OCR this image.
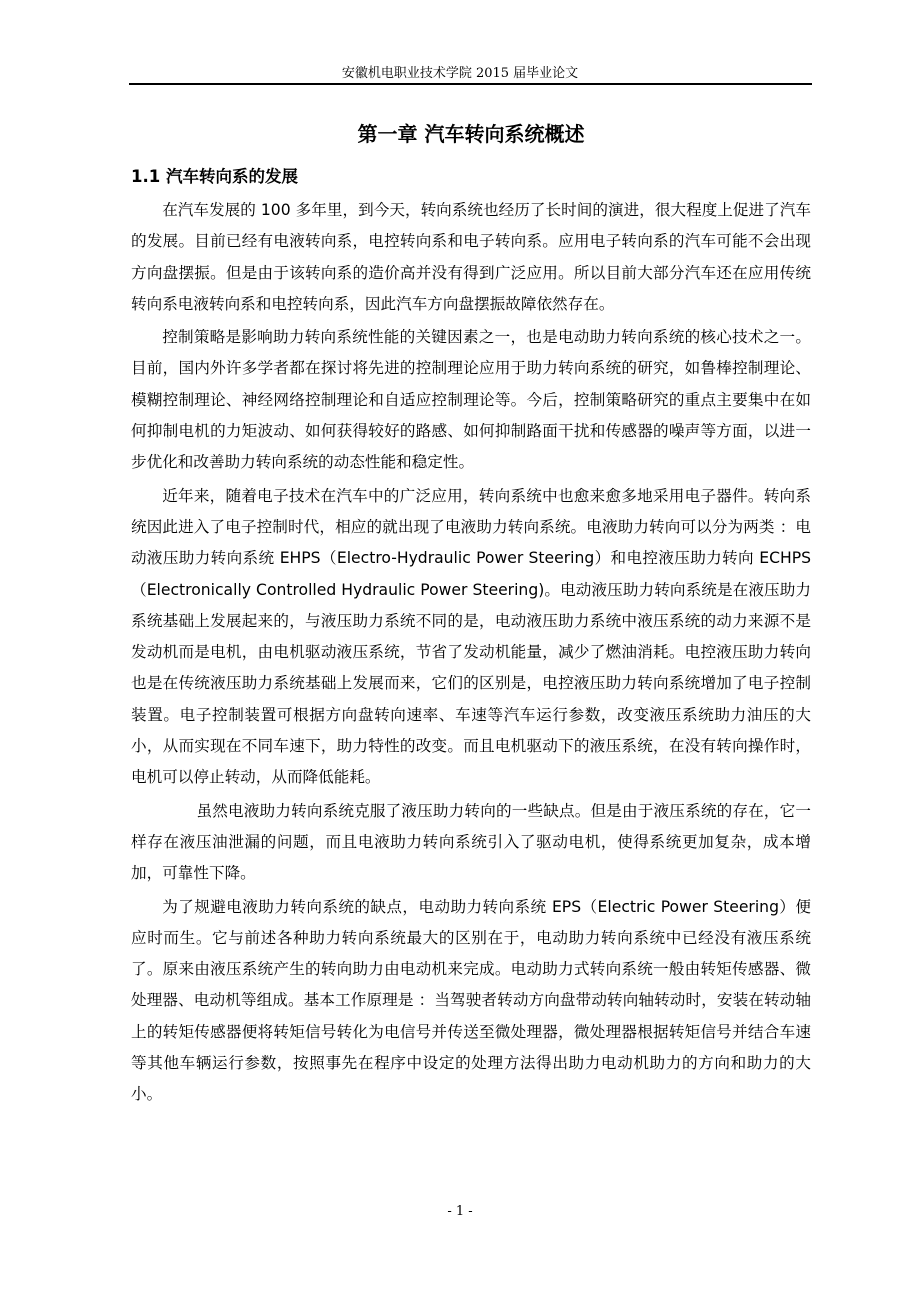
安徽机电职业技术学院 2015 届毕业论文
第一章 汽车转向系统概述
1.1 汽车转向系的发展

在汽车发展的 100 多年里，到今天，转向系统也经历了长时间的演进，很大程度上促进了汽车的发展。目前已经有电液转向系，电控转向系和电子转向系。应用电子转向系的汽车可能不会出现方向盘摆振。但是由于该转向系的造价高并没有得到广泛应用。所以目前大部分汽车还在应用传统转向系电液转向系和电控转向系，因此汽车方向盘摆振故障依然存在。

控制策略是影响助力转向系统性能的关键因素之一，也是电动助力转向系统的核心技术之一。目前，国内外许多学者都在探讨将先进的控制理论应用于助力转向系统的研究，如鲁棒控制理论、模糊控制理论、神经网络控制理论和自适应控制理论等。今后，控制策略研究的重点主要集中在如何抑制电机的力矩波动、如何获得较好的路感、如何抑制路面干扰和传感器的噪声等方面，以进一步优化和改善助力转向系统的动态性能和稳定性。

近年来，随着电子技术在汽车中的广泛应用，转向系统中也愈来愈多地采用电子器件。转向系统因此进入了电子控制时代，相应的就出现了电液助力转向系统。电液助力转向可以分为两类 ：电动液压助力转向系统 EHPS（Electro-Hydraulic Power Steering）和电控液压助力转向 ECHPS（Electronically Controlled Hydraulic Power Steering)。电动液压助力转向系统是在液压助力系统基础上发展起来的，与液压助力系统不同的是，电动液压助力系统中液压系统的动力来源不是发动机而是电机，由电机驱动液压系统，节省了发动机能量，减少了燃油消耗。电控液压助力转向也是在传统液压助力系统基础上发展而来，它们的区别是，电控液压助力转向系统增加了电子控制装置。电子控制装置可根据方向盘转向速率、车速等汽车运行参数，改变液压系统助力油压的大小，从而实现在不同车速下，助力特性的改变。而且电机驱动下的液压系统，在没有转向操作时，电机可以停止转动，从而降低能耗。

虽然电液助力转向系统克服了液压助力转向的一些缺点。但是由于液压系统的存在，它一样存在液压油泄漏的问题，而且电液助力转向系统引入了驱动电机，使得系统更加复杂，成本增加，可靠性下降。

为了规避电液助力转向系统的缺点，电动助力转向系统 EPS（Electric Power Steering）便应时而生。它与前述各种助力转向系统最大的区别在于，电动助力转向系统中已经没有液压系统了。原来由液压系统产生的转向助力由电动机来完成。电动助力式转向系统一般由转矩传感器、微处理器、电动机等组成。基本工作原理是 ：当驾驶者转动方向盘带动转向轴转动时，安装在转动轴上的转矩传感器便将转矩信号转化为电信号并传送至微处理器，微处理器根据转矩信号并结合车速等其他车辆运行参数，按照事先在程序中设定的处理方法得出助力电动机助力的方向和助力的大小。

- 1 -
